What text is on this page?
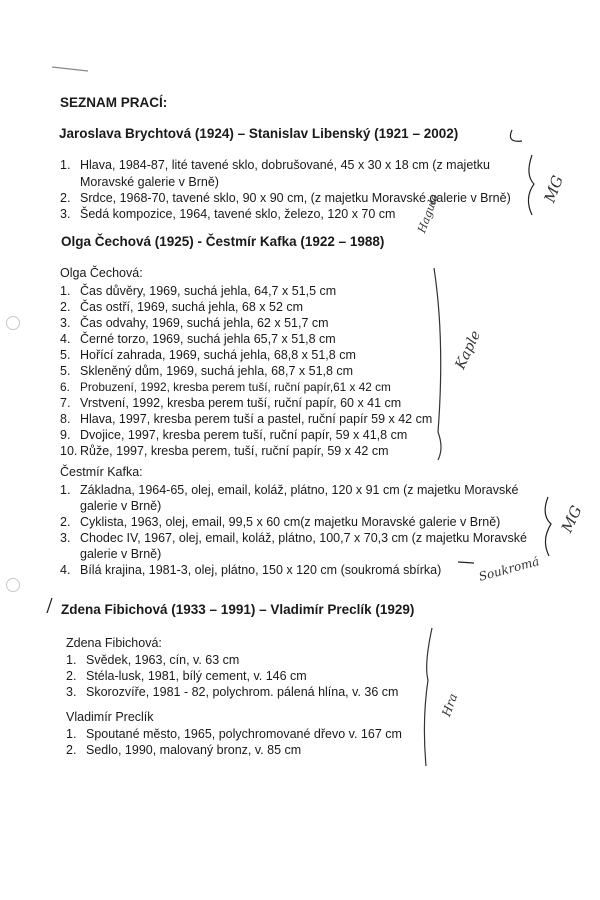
SEZNAM PRACÍ:
Jaroslava Brychtová (1924) – Stanislav Libenský (1921 – 2002)
1. Hlava, 1984-87, lité tavené sklo, dobrušované, 45 x 30 x 18 cm (z majetku
Moravské galerie v Brně)
2. Srdce, 1968-70, tavené sklo, 90 x 90 cm, (z majetku Moravské galerie v Brně)
3. Šedá kompozice, 1964, tavené sklo, železo, 120 x 70 cm
Olga Čechová (1925) - Čestmír Kafka (1922 – 1988)
Olga Čechová:
1. Čas důvěry, 1969, suchá jehla, 64,7 x 51,5 cm
2. Čas ostří, 1969, suchá jehla, 68 x 52 cm
3. Čas odvahy, 1969, suchá jehla, 62 x 51,7 cm
4. Černé torzo, 1969, suchá jehla 65,7 x 51,8 cm
5. Hořící zahrada, 1969, suchá jehla, 68,8 x 51,8 cm
5. Skleněný dům, 1969, suchá jehla, 68,7 x 51,8 cm
6. Probuzení, 1992, kresba perem tuší, ruční papír,61 x 42 cm
7. Vrstvení, 1992, kresba perem tuší, ruční papír, 60 x 41 cm
8. Hlava, 1997, kresba perem tuší a pastel, ruční papír 59 x 42 cm
9. Dvojice, 1997, kresba perem tuší, ruční papír, 59 x 41,8 cm
10. Růže, 1997, kresba perem, tuší, ruční papír, 59 x 42 cm
Čestmír Kafka:
1. Základna, 1964-65, olej, email, koláž, plátno, 120 x 91 cm (z majetku Moravské
galerie v Brně)
2. Cyklista, 1963, olej, email, 99,5 x 60 cm(z majetku Moravské galerie v Brně)
3. Chodec IV, 1967, olej, email, koláž, plátno, 100,7 x 70,3 cm (z majetku Moravské
galerie v Brně)
4. Bílá krajina, 1981-3, olej, plátno, 150 x 120 cm (soukromá sbírka)
Zdena Fibichová (1933 – 1991) – Vladimír Preclík (1929)
Zdena Fibichová:
1. Svědek, 1963, cín, v. 63 cm
2. Stéla-lusk, 1981, bílý cement, v. 146 cm
3. Skorozvíře, 1981 - 82, polychrom. pálená hlína, v. 36 cm
Vladimír Preclík
1. Spoutané město, 1965, polychromované dřevo v. 167 cm
2. Sedlo, 1990, malovaný bronz, v. 85 cm
MG
Hagula
Kaple
MG
Soukromá
Hra
